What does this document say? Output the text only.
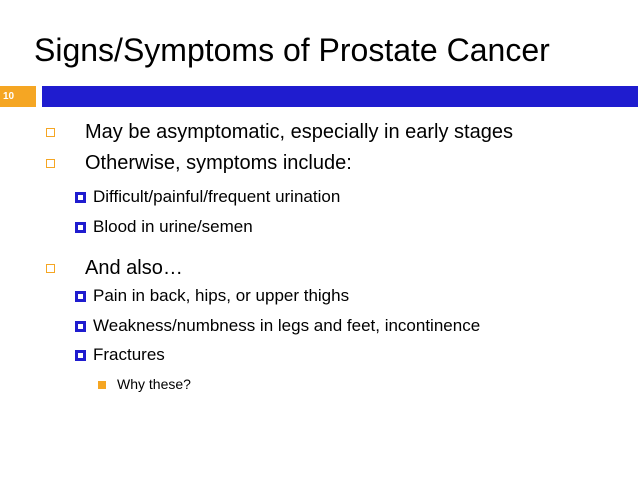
Signs/Symptoms of Prostate Cancer
10
May be asymptomatic, especially in early stages
Otherwise, symptoms include:
Difficult/painful/frequent urination
Blood in urine/semen
And also…
Pain in back, hips, or upper thighs
Weakness/numbness in legs and feet, incontinence
Fractures
Why these?
